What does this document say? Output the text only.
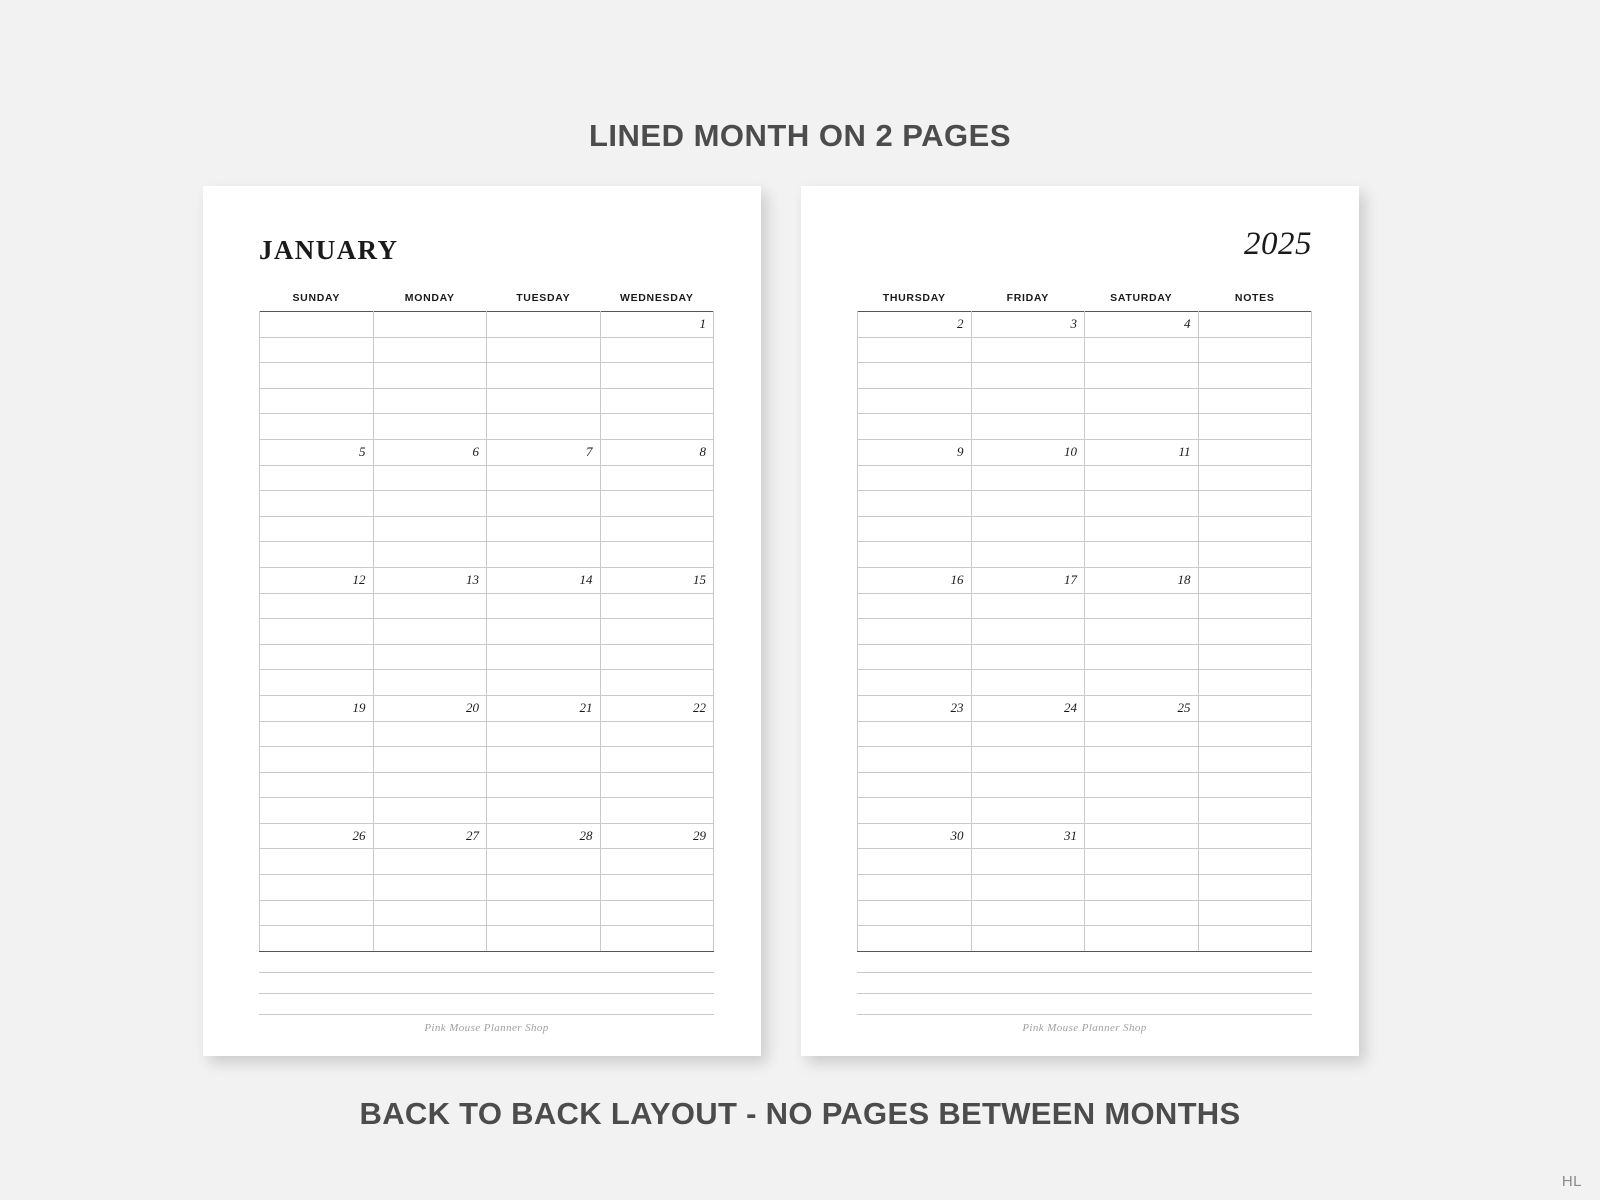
LINED MONTH ON 2 PAGES
JANUARY
SUNDAY	MONDAY	TUESDAY	WEDNESDAY
			1

5	6	7	8

12	13	14	15

19	20	21	22

26	27	28	29

Pink Mouse Planner Shop
2025
THURSDAY	FRIDAY	SATURDAY	NOTES
2	3	4	

9	10	11	

16	17	18	

23	24	25	

30	31		

Pink Mouse Planner Shop
BACK TO BACK LAYOUT - NO PAGES BETWEEN MONTHS
HL
